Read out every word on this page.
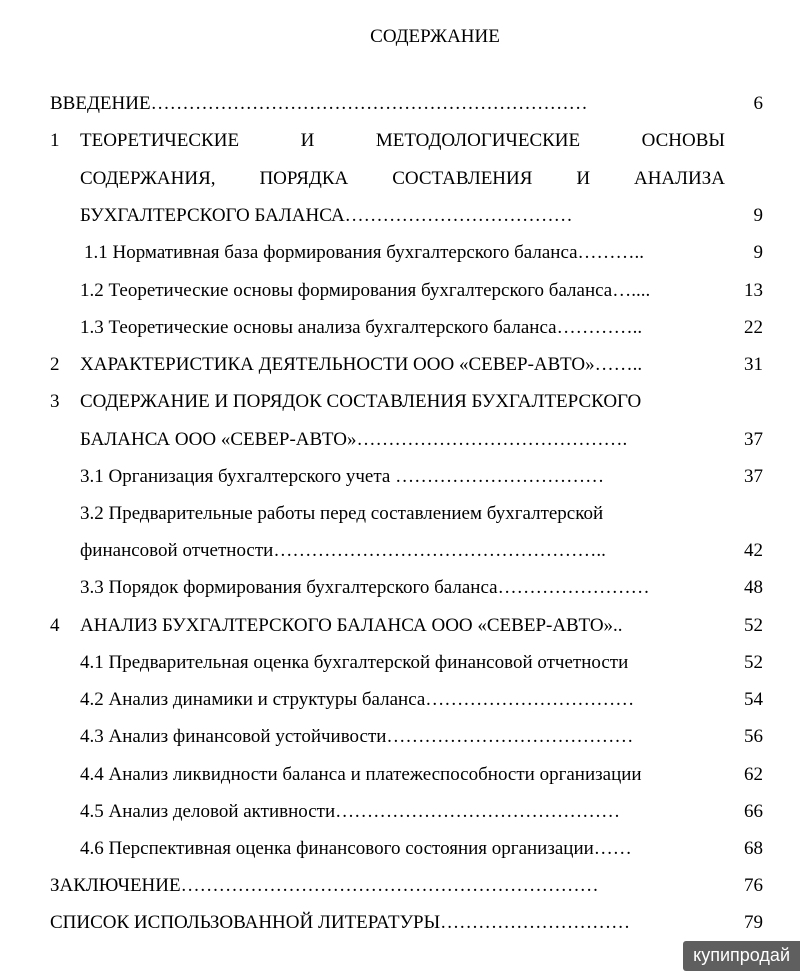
СОДЕРЖАНИЕ
ВВЕДЕНИЕ……………………………………………………………	6
1 ТЕОРЕТИЧЕСКИЕ	И	МЕТОДОЛОГИЧЕСКИЕ	ОСНОВЫ
СОДЕРЖАНИЯ, ПОРЯДКА СОСТАВЛЕНИЯ И АНАЛИЗА
БУХГАЛТЕРСКОГО БАЛАНСА………………………………	9
1.1 Нормативная база формирования бухгалтерского баланса………..	9
1.2 Теоретические основы формирования бухгалтерского баланса…....	13
1.3 Теоретические основы анализа бухгалтерского баланса…………..	22
2 ХАРАКТЕРИСТИКА ДЕЯТЕЛЬНОСТИ ООО «СЕВЕР-АВТО»……..	31
3 СОДЕРЖАНИЕ И ПОРЯДОК СОСТАВЛЕНИЯ БУХГАЛТЕРСКОГО
БАЛАНСА ООО «СЕВЕР-АВТО»…………………………………….	37
3.1 Организация бухгалтерского учета ……………………………	37
3.2 Предварительные работы перед составлением бухгалтерской
финансовой отчетности……………………………………………..	42
3.3 Порядок формирования бухгалтерского баланса……………………	48
4 АНАЛИЗ БУХГАЛТЕРСКОГО БАЛАНСА ООО «СЕВЕР-АВТО»..	52
4.1 Предварительная оценка бухгалтерской финансовой отчетности	52
4.2 Анализ динамики и структуры баланса……………………………	54
4.3 Анализ финансовой устойчивости…………………………………	56
4.4 Анализ ликвидности баланса и платежеспособности организации	62
4.5 Анализ деловой активности………………………………………	66
4.6 Перспективная оценка финансового состояния организации……	68
ЗАКЛЮЧЕНИЕ…………………………………………………………	76
СПИСОК ИСПОЛЬЗОВАННОЙ ЛИТЕРАТУРЫ…………………………	79
купипродай
